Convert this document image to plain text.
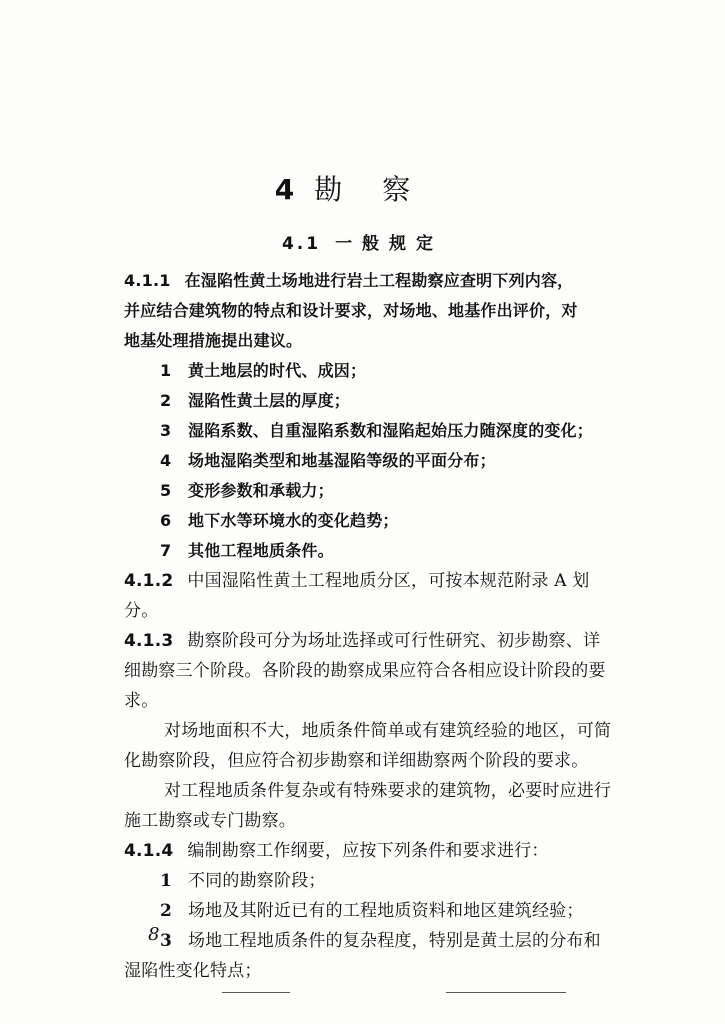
4 勘察
4.1 一般规定
4.1.1 在湿陷性黄土场地进行岩土工程勘察应查明下列内容，
并应结合建筑物的特点和设计要求，对场地、地基作出评价，对
地基处理措施提出建议。
1 黄土地层的时代、成因；
2 湿陷性黄土层的厚度；
3 湿陷系数、自重湿陷系数和湿陷起始压力随深度的变化；
4 场地湿陷类型和地基湿陷等级的平面分布；
5 变形参数和承载力；
6 地下水等环境水的变化趋势；
7 其他工程地质条件。
4.1.2 中国湿陷性黄土工程地质分区，可按本规范附录 A 划
分。
4.1.3 勘察阶段可分为场址选择或可行性研究、初步勘察、详
细勘察三个阶段。各阶段的勘察成果应符合各相应设计阶段的要
求。
对场地面积不大，地质条件简单或有建筑经验的地区，可简
化勘察阶段，但应符合初步勘察和详细勘察两个阶段的要求。
对工程地质条件复杂或有特殊要求的建筑物，必要时应进行
施工勘察或专门勘察。
4.1.4 编制勘察工作纲要，应按下列条件和要求进行：
1 不同的勘察阶段；
2 场地及其附近已有的工程地质资料和地区建筑经验；
3 场地工程地质条件的复杂程度，特别是黄土层的分布和
湿陷性变化特点；
8
